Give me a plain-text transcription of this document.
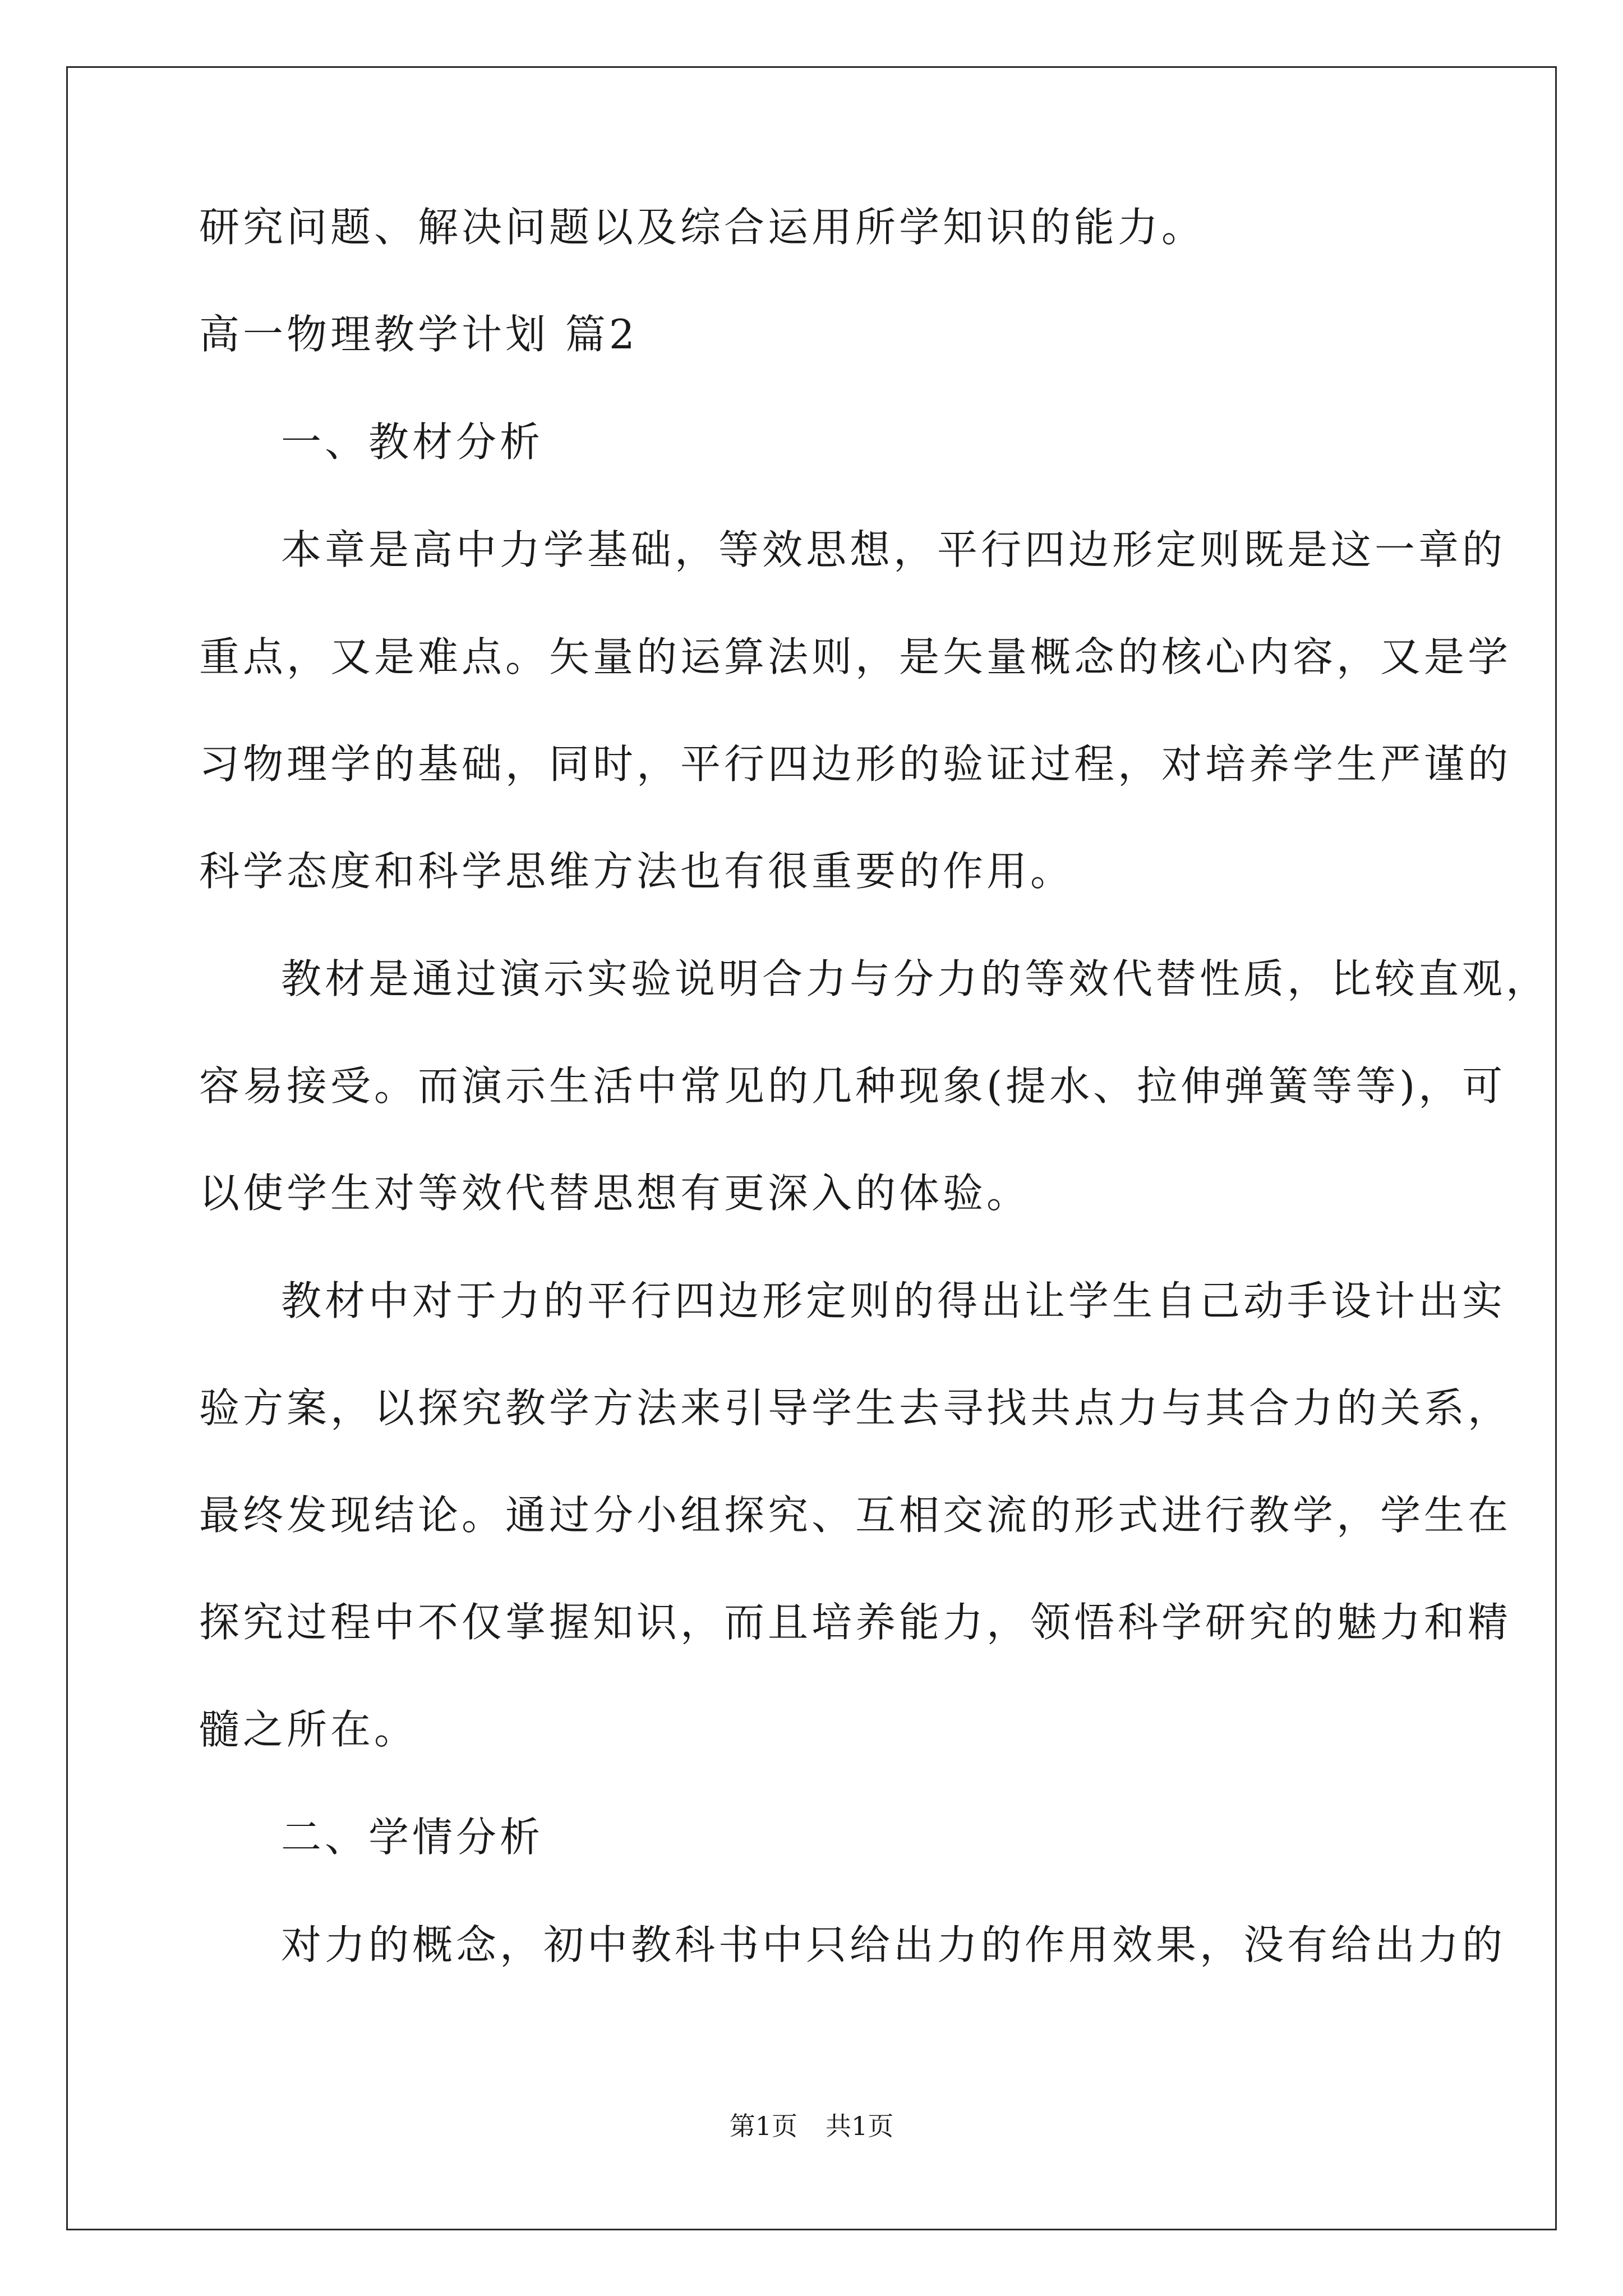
研究问题、解决问题以及综合运用所学知识的能力。
高一物理教学计划 篇2
一、教材分析
本章是高中力学基础，等效思想，平行四边形定则既是这一章的
重点，又是难点。矢量的运算法则，是矢量概念的核心内容，又是学
习物理学的基础，同时，平行四边形的验证过程，对培养学生严谨的
科学态度和科学思维方法也有很重要的作用。
教材是通过演示实验说明合力与分力的等效代替性质，比较直观，
容易接受。而演示生活中常见的几种现象(提水、拉伸弹簧等等)，可
以使学生对等效代替思想有更深入的体验。
教材中对于力的平行四边形定则的得出让学生自己动手设计出实
验方案，以探究教学方法来引导学生去寻找共点力与其合力的关系，
最终发现结论。通过分小组探究、互相交流的形式进行教学，学生在
探究过程中不仅掌握知识，而且培养能力，领悟科学研究的魅力和精
髓之所在。
二、学情分析
对力的概念，初中教科书中只给出力的作用效果，没有给出力的
第1页 共1页
